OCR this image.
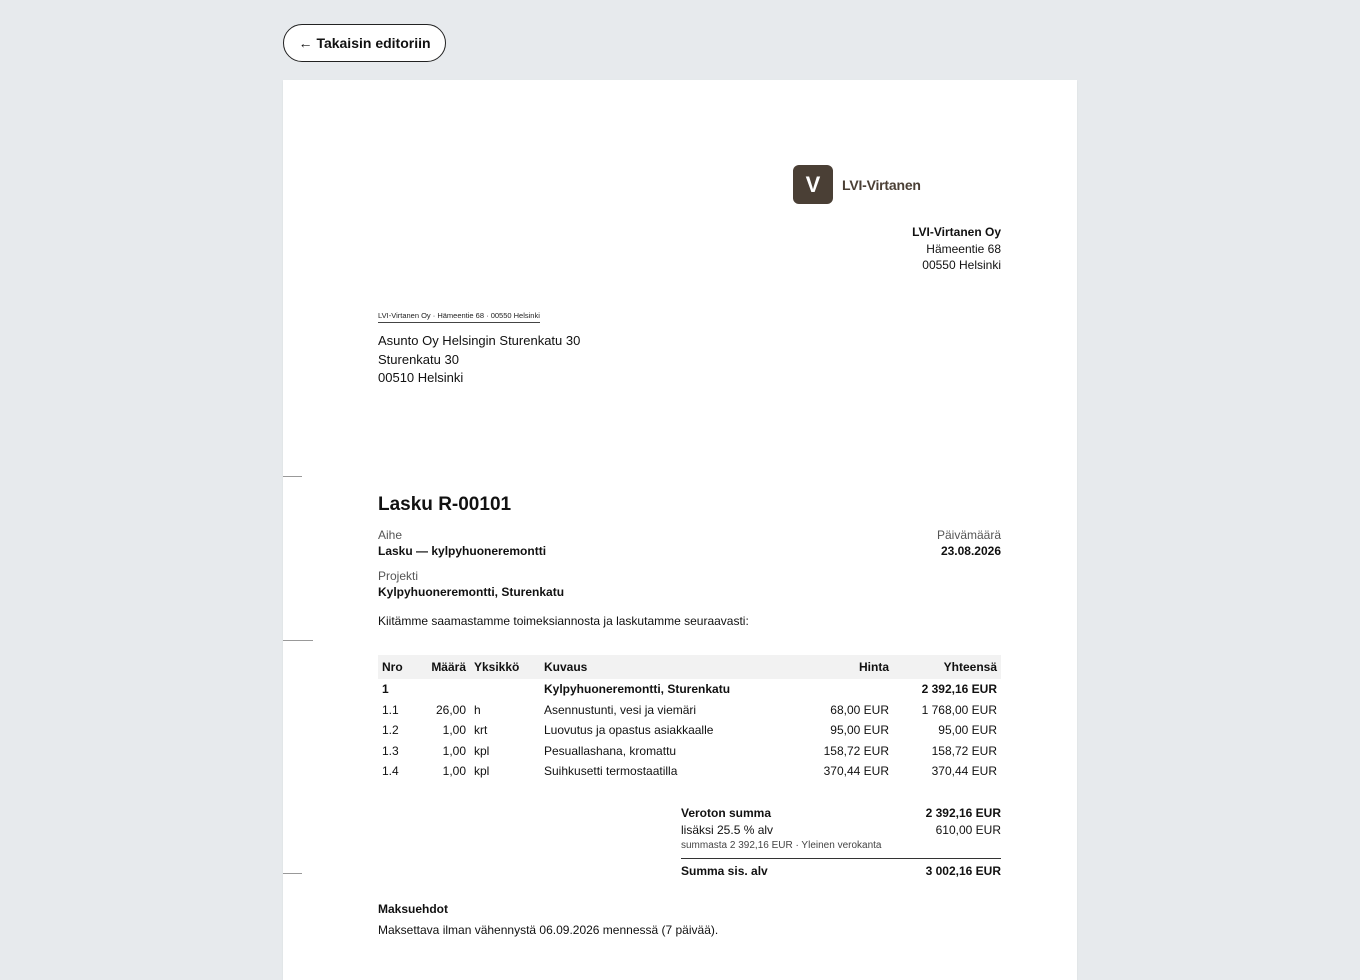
← Takaisin editoriin
V	LVI-Virtanen
LVI-Virtanen Oy
Hämeentie 68
00550 Helsinki
LVI-Virtanen Oy · Hämeentie 68 · 00550 Helsinki
Asunto Oy Helsingin Sturenkatu 30
Sturenkatu 30
00510 Helsinki
Lasku R-00101
Aihe
Lasku — kylpyhuoneremontti
Päivämäärä
23.08.2026
Projekti
Kylpyhuoneremontti, Sturenkatu
Kiitämme saamastamme toimeksiannosta ja laskutamme seuraavasti:
Nro	Määrä	Yksikkö	Kuvaus	Hinta	Yhteensä
1			Kylpyhuoneremontti, Sturenkatu		2 392,16 EUR
1.1	26,00	h	Asennustunti, vesi ja viemäri	68,00 EUR	1 768,00 EUR
1.2	1,00	krt	Luovutus ja opastus asiakkaalle	95,00 EUR	95,00 EUR
1.3	1,00	kpl	Pesuallashana, kromattu	158,72 EUR	158,72 EUR
1.4	1,00	kpl	Suihkusetti termostaatilla	370,44 EUR	370,44 EUR
Veroton summa	2 392,16 EUR
lisäksi 25.5 % alv	610,00 EUR
summasta 2 392,16 EUR · Yleinen verokanta
Summa sis. alv	3 002,16 EUR
Maksuehdot
Maksettava ilman vähennystä 06.09.2026 mennessä (7 päivää).
